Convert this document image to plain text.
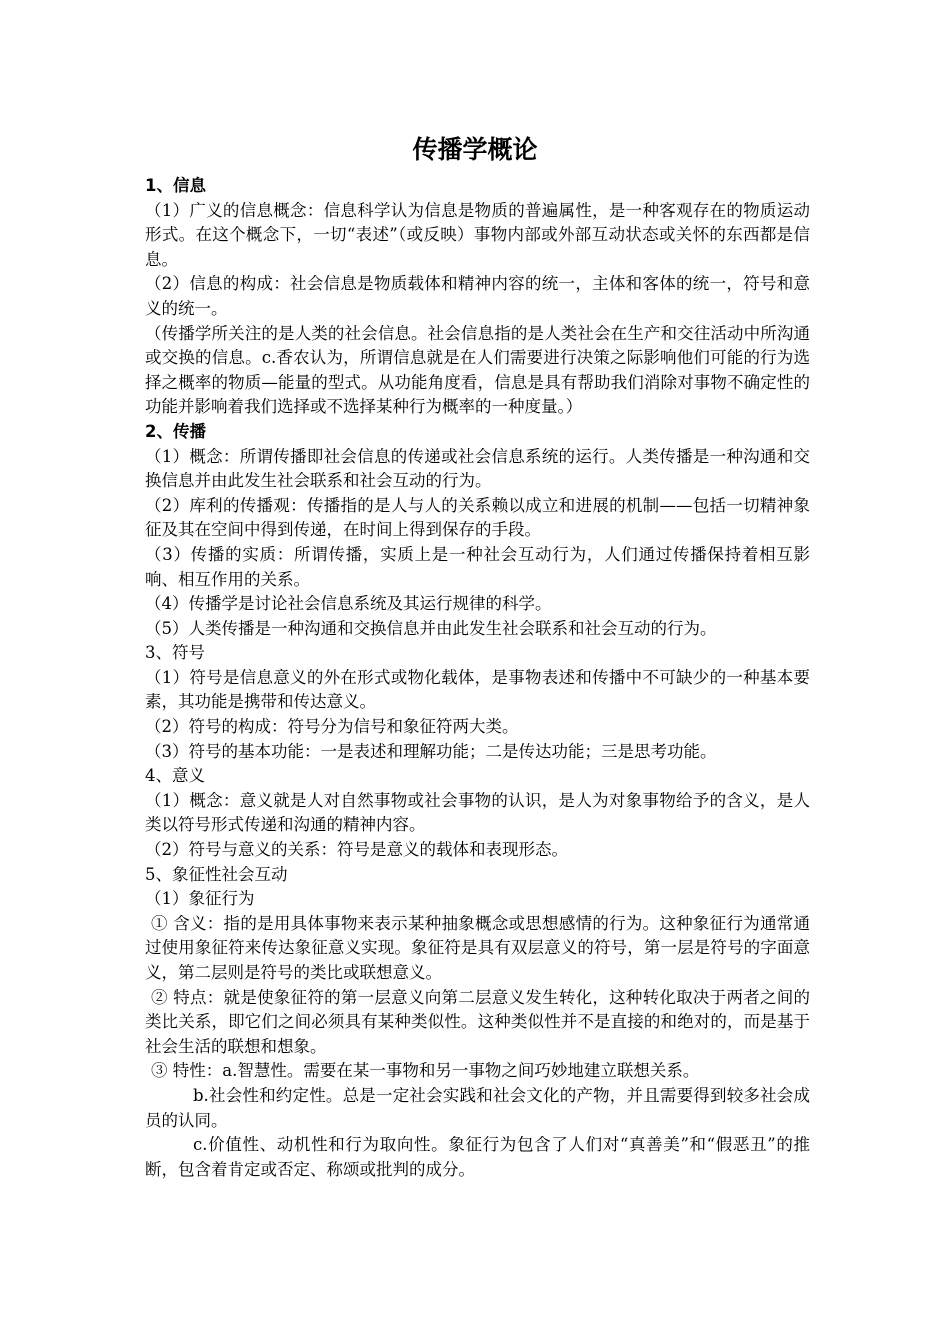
传播学概论

1、信息

（1）广义的信息概念：信息科学认为信息是物质的普遍属性，是一种客观存在的物质运动形式。在这个概念下，一切“表述”（或反映）事物内部或外部互动状态或关怀的东西都是信息。

（2）信息的构成：社会信息是物质载体和精神内容的统一，主体和客体的统一，符号和意义的统一。

（传播学所关注的是人类的社会信息。社会信息指的是人类社会在生产和交往活动中所沟通或交换的信息。c.香农认为，所谓信息就是在人们需要进行决策之际影响他们可能的行为选择之概率的物质—能量的型式。从功能角度看，信息是具有帮助我们消除对事物不确定性的功能并影响着我们选择或不选择某种行为概率的一种度量。）

2、传播

（1）概念：所谓传播即社会信息的传递或社会信息系统的运行。人类传播是一种沟通和交换信息并由此发生社会联系和社会互动的行为。

（2）库利的传播观：传播指的是人与人的关系赖以成立和进展的机制——包括一切精神象征及其在空间中得到传递，在时间上得到保存的手段。

（3）传播的实质：所谓传播，实质上是一种社会互动行为，人们通过传播保持着相互影响、相互作用的关系。

（4）传播学是讨论社会信息系统及其运行规律的科学。

（5）人类传播是一种沟通和交换信息并由此发生社会联系和社会互动的行为。

3、符号

（1）符号是信息意义的外在形式或物化载体，是事物表述和传播中不可缺少的一种基本要素，其功能是携带和传达意义。

（2）符号的构成：符号分为信号和象征符两大类。

（3）符号的基本功能：一是表述和理解功能；二是传达功能；三是思考功能。

4、意义

（1）概念：意义就是人对自然事物或社会事物的认识，是人为对象事物给予的含义，是人类以符号形式传递和沟通的精神内容。

（2）符号与意义的关系：符号是意义的载体和表现形态。

5、象征性社会互动

（1）象征行为

① 含义：指的是用具体事物来表示某种抽象概念或思想感情的行为。这种象征行为通常通过使用象征符来传达象征意义实现。象征符是具有双层意义的符号，第一层是符号的字面意义，第二层则是符号的类比或联想意义。

② 特点：就是使象征符的第一层意义向第二层意义发生转化，这种转化取决于两者之间的类比关系，即它们之间必须具有某种类似性。这种类似性并不是直接的和绝对的，而是基于社会生活的联想和想象。

③ 特性：a.智慧性。需要在某一事物和另一事物之间巧妙地建立联想关系。

b.社会性和约定性。总是一定社会实践和社会文化的产物，并且需要得到较多社会成员的认同。

c.价值性、动机性和行为取向性。象征行为包含了人们对“真善美”和“假恶丑”的推断，包含着肯定或否定、称颂或批判的成分。
